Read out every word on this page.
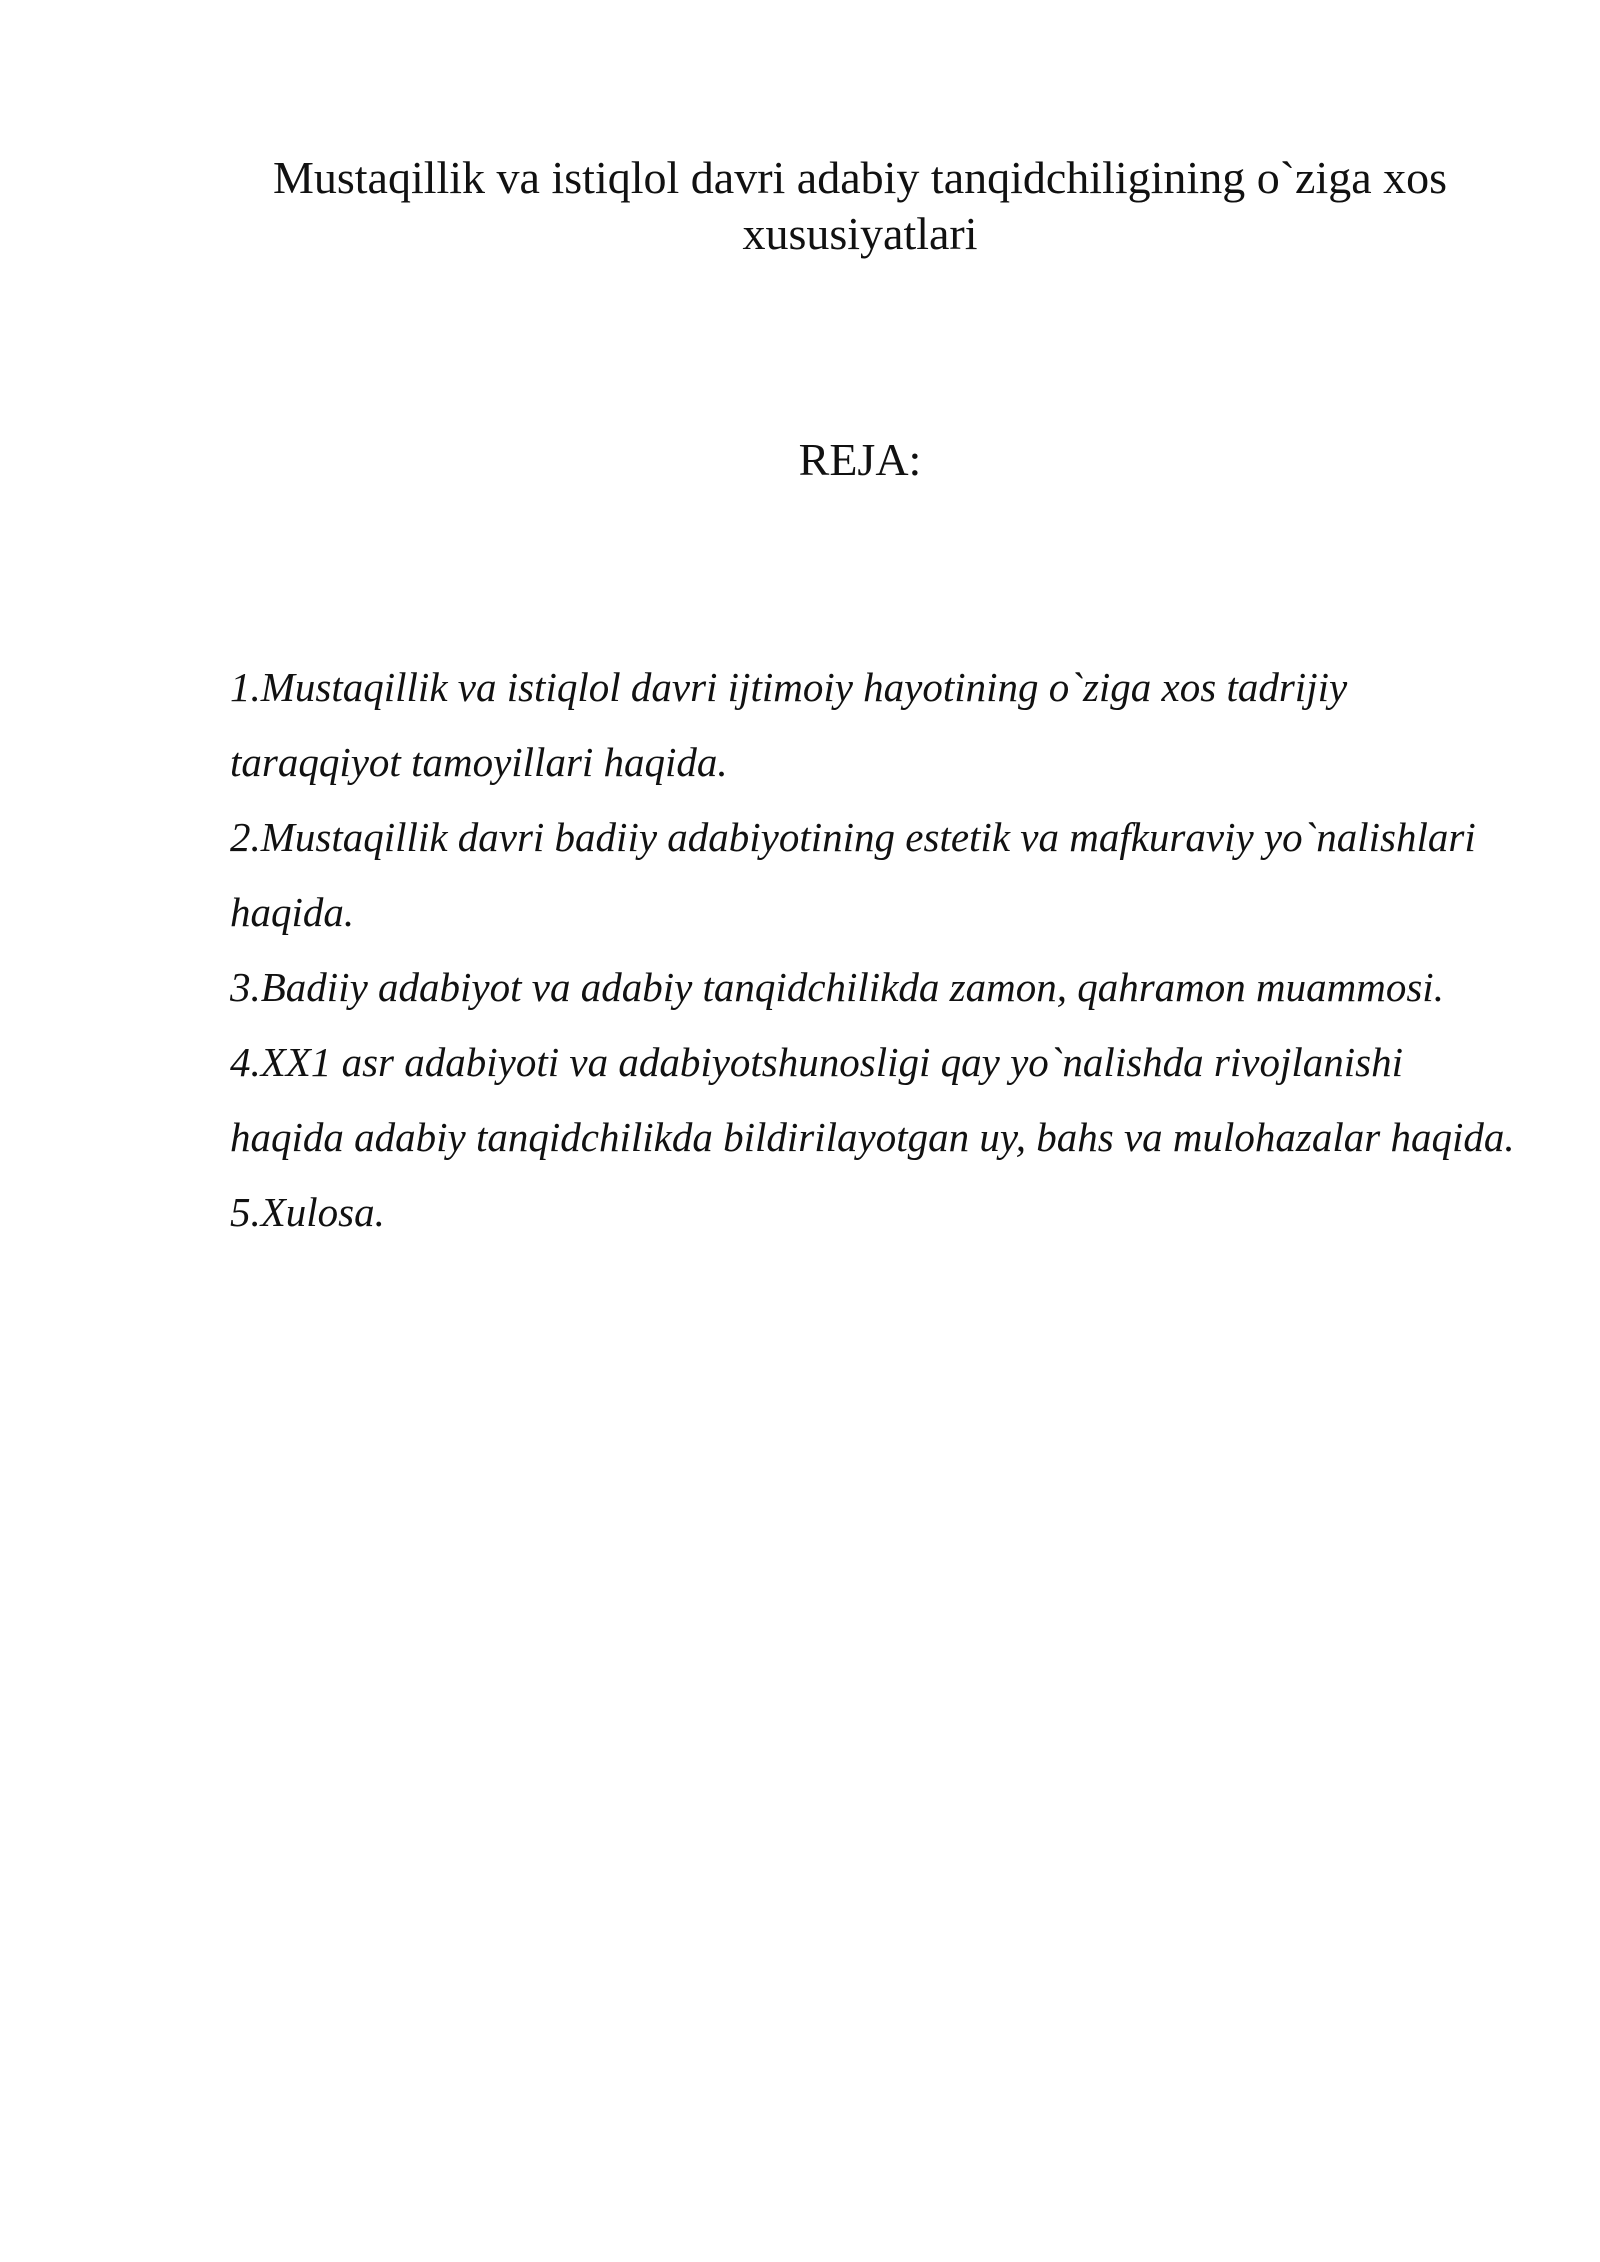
Mustaqillik va istiqlol davri adabiy tanqidchiligining o`ziga xos xususiyatlari
REJA:
1.Mustaqillik va istiqlol davri ijtimoiy hayotining o`ziga xos tadrijiy taraqqiyot tamoyillari haqida.
2.Mustaqillik davri badiiy adabiyotining estetik va mafkuraviy yo`nalishlari haqida.
3.Badiiy adabiyot va adabiy tanqidchilikda zamon, qahramon muammosi.
4.XX1 asr adabiyoti va adabiyotshunosligi qay yo`nalishda rivojlanishi haqida adabiy tanqidchilikda bildirilayotgan uy, bahs va mulohazalar haqida.
5.Xulosa.
